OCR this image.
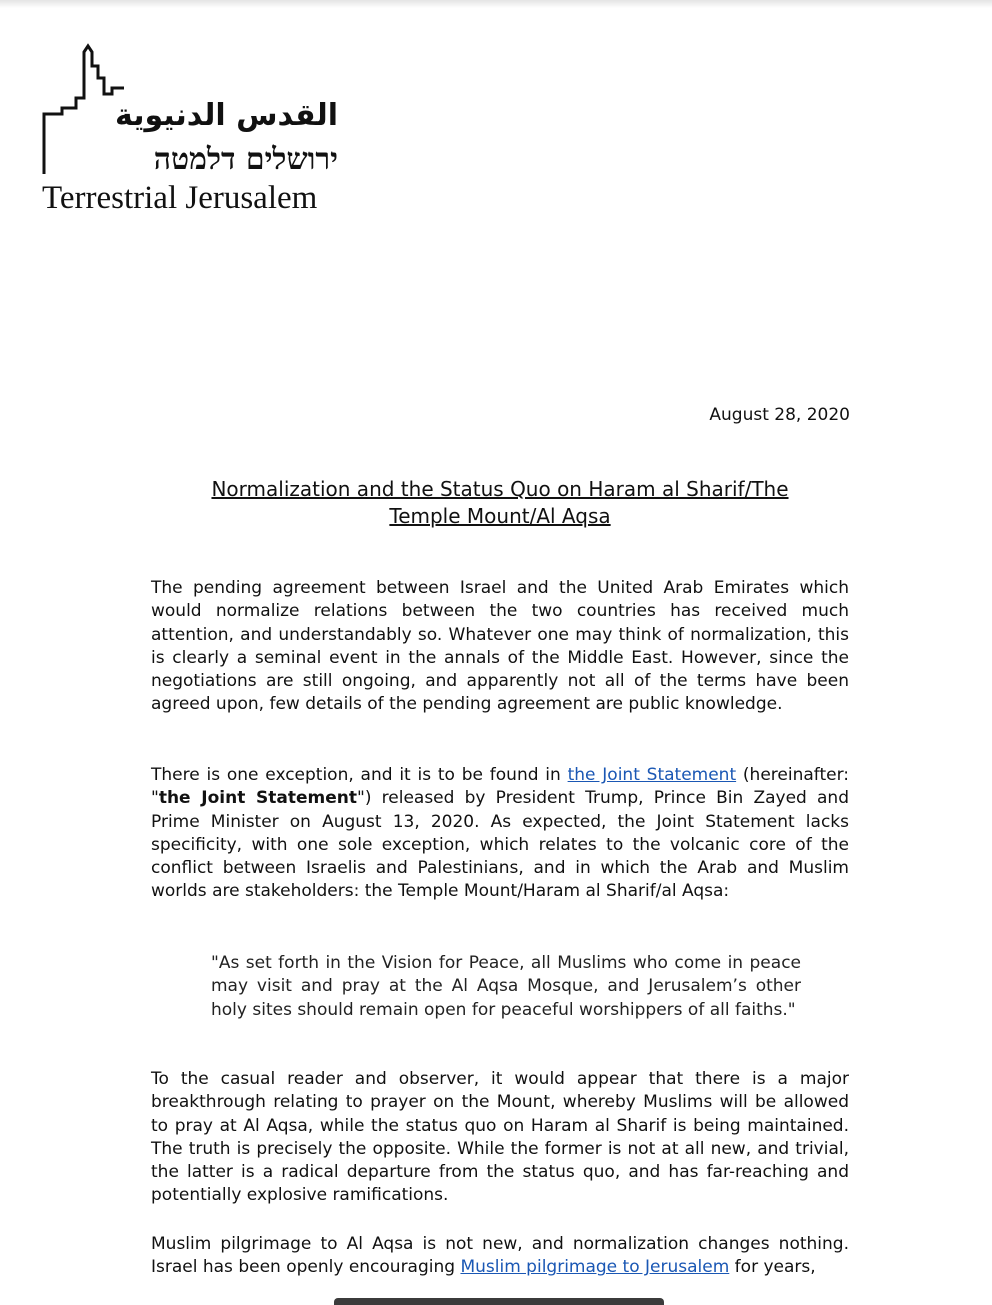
القدس الدنيوية
ירושלים דלמטה
Terrestrial Jerusalem
August 28, 2020
Normalization and the Status Quo on Haram al Sharif/The
Temple Mount/Al Aqsa

The pending agreement between Israel and the United Arab Emirates which would normalize relations between the two countries has received much attention, and understandably so. Whatever one may think of normalization, this is clearly a seminal event in the annals of the Middle East. However, since the negotiations are still ongoing, and apparently not all of the terms have been agreed upon, few details of the pending agreement are public knowledge.

There is one exception, and it is to be found in the Joint Statement (hereinafter: "the Joint Statement") released by President Trump, Prince Bin Zayed and Prime Minister on August 13, 2020. As expected, the Joint Statement lacks specificity, with one sole exception, which relates to the volcanic core of the conflict between Israelis and Palestinians, and in which the Arab and Muslim worlds are stakeholders: the Temple Mount/Haram al Sharif/al Aqsa:

"As set forth in the Vision for Peace, all Muslims who come in peace may visit and pray at the Al Aqsa Mosque, and Jerusalem’s other holy sites should remain open for peaceful worshippers of all faiths."

To the casual reader and observer, it would appear that there is a major breakthrough relating to prayer on the Mount, whereby Muslims will be allowed to pray at Al Aqsa, while the status quo on Haram al Sharif is being maintained. The truth is precisely the opposite. While the former is not at all new, and trivial, the latter is a radical departure from the status quo, and has far-reaching and potentially explosive ramifications.

Muslim pilgrimage to Al Aqsa is not new, and normalization changes nothing. Israel has been openly encouraging Muslim pilgrimage to Jerusalem for years,
